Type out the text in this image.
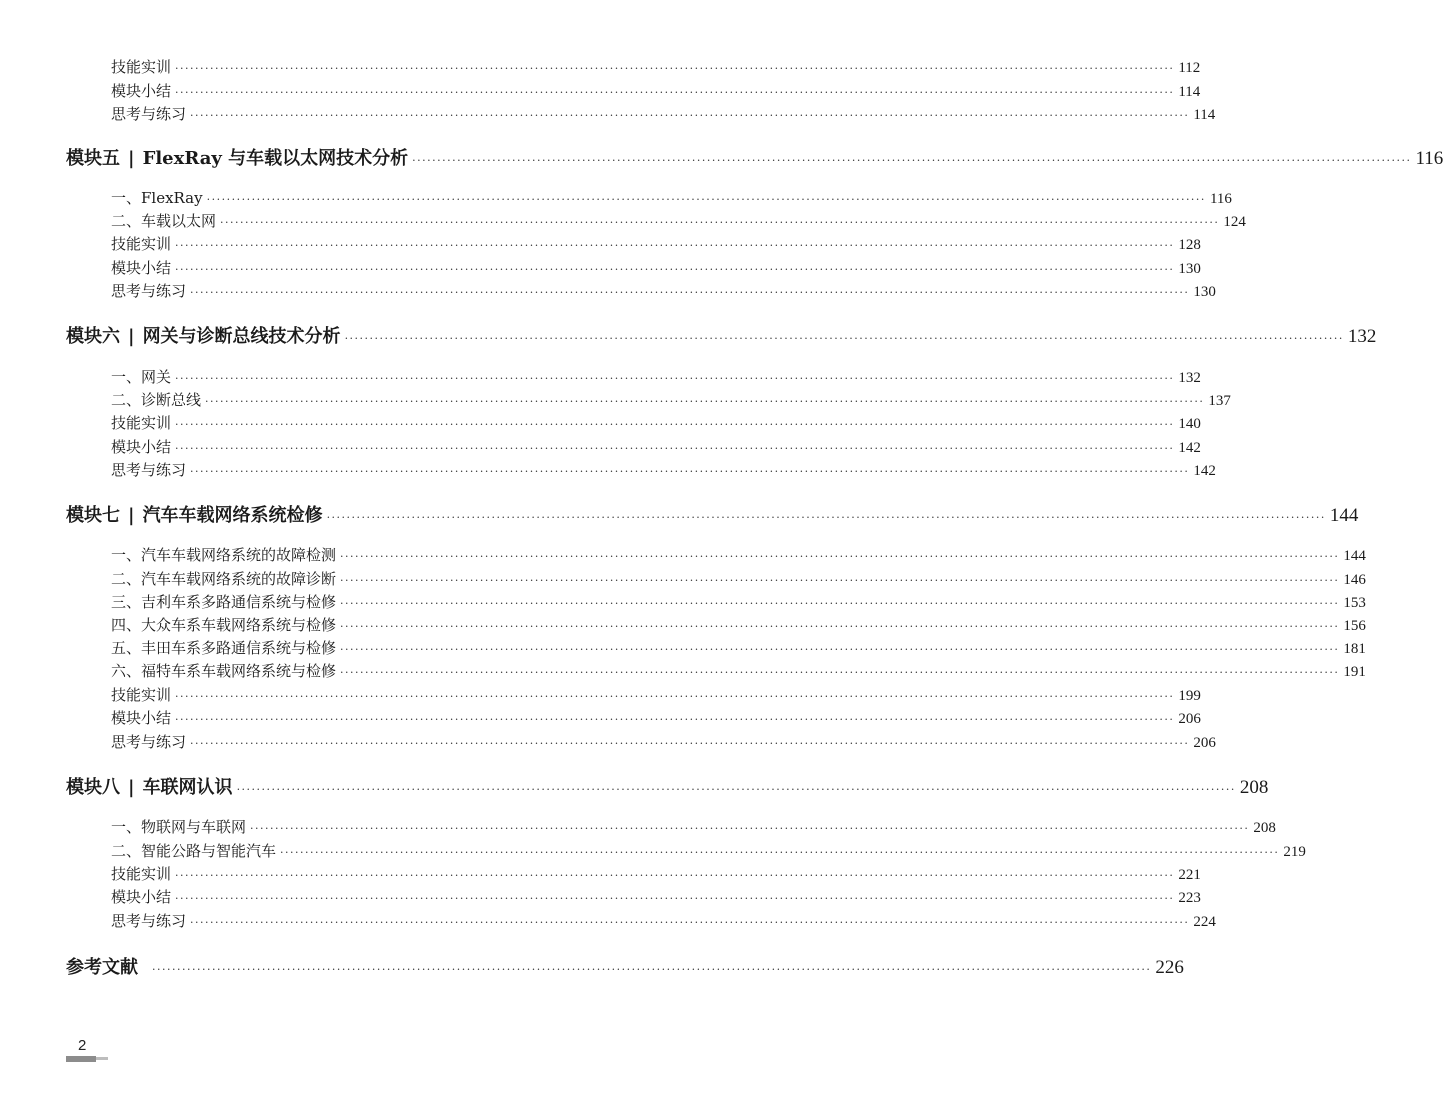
技能实训 ········································································································································································································ 112
模块小结 ········································································································································································································ 114
思考与练习 ········································································································································································································ 114
模块五 | FlexRay 与车载以太网技术分析 ········································································································································································································ 116
一、FlexRay ········································································································································································································ 116
二、车载以太网 ········································································································································································································ 124
技能实训 ········································································································································································································ 128
模块小结 ········································································································································································································ 130
思考与练习 ········································································································································································································ 130
模块六 | 网关与诊断总线技术分析 ········································································································································································································ 132
一、网关 ········································································································································································································ 132
二、诊断总线 ········································································································································································································ 137
技能实训 ········································································································································································································ 140
模块小结 ········································································································································································································ 142
思考与练习 ········································································································································································································ 142
模块七 | 汽车车载网络系统检修 ········································································································································································································ 144
一、汽车车载网络系统的故障检测 ········································································································································································································ 144
二、汽车车载网络系统的故障诊断 ········································································································································································································ 146
三、吉利车系多路通信系统与检修 ········································································································································································································ 153
四、大众车系车载网络系统与检修 ········································································································································································································ 156
五、丰田车系多路通信系统与检修 ········································································································································································································ 181
六、福特车系车载网络系统与检修 ········································································································································································································ 191
技能实训 ········································································································································································································ 199
模块小结 ········································································································································································································ 206
思考与练习 ········································································································································································································ 206
模块八 | 车联网认识 ········································································································································································································ 208
一、物联网与车联网 ········································································································································································································ 208
二、智能公路与智能汽车 ········································································································································································································ 219
技能实训 ········································································································································································································ 221
模块小结 ········································································································································································································ 223
思考与练习 ········································································································································································································ 224
参考文献 ········································································································································································································ 226
2
